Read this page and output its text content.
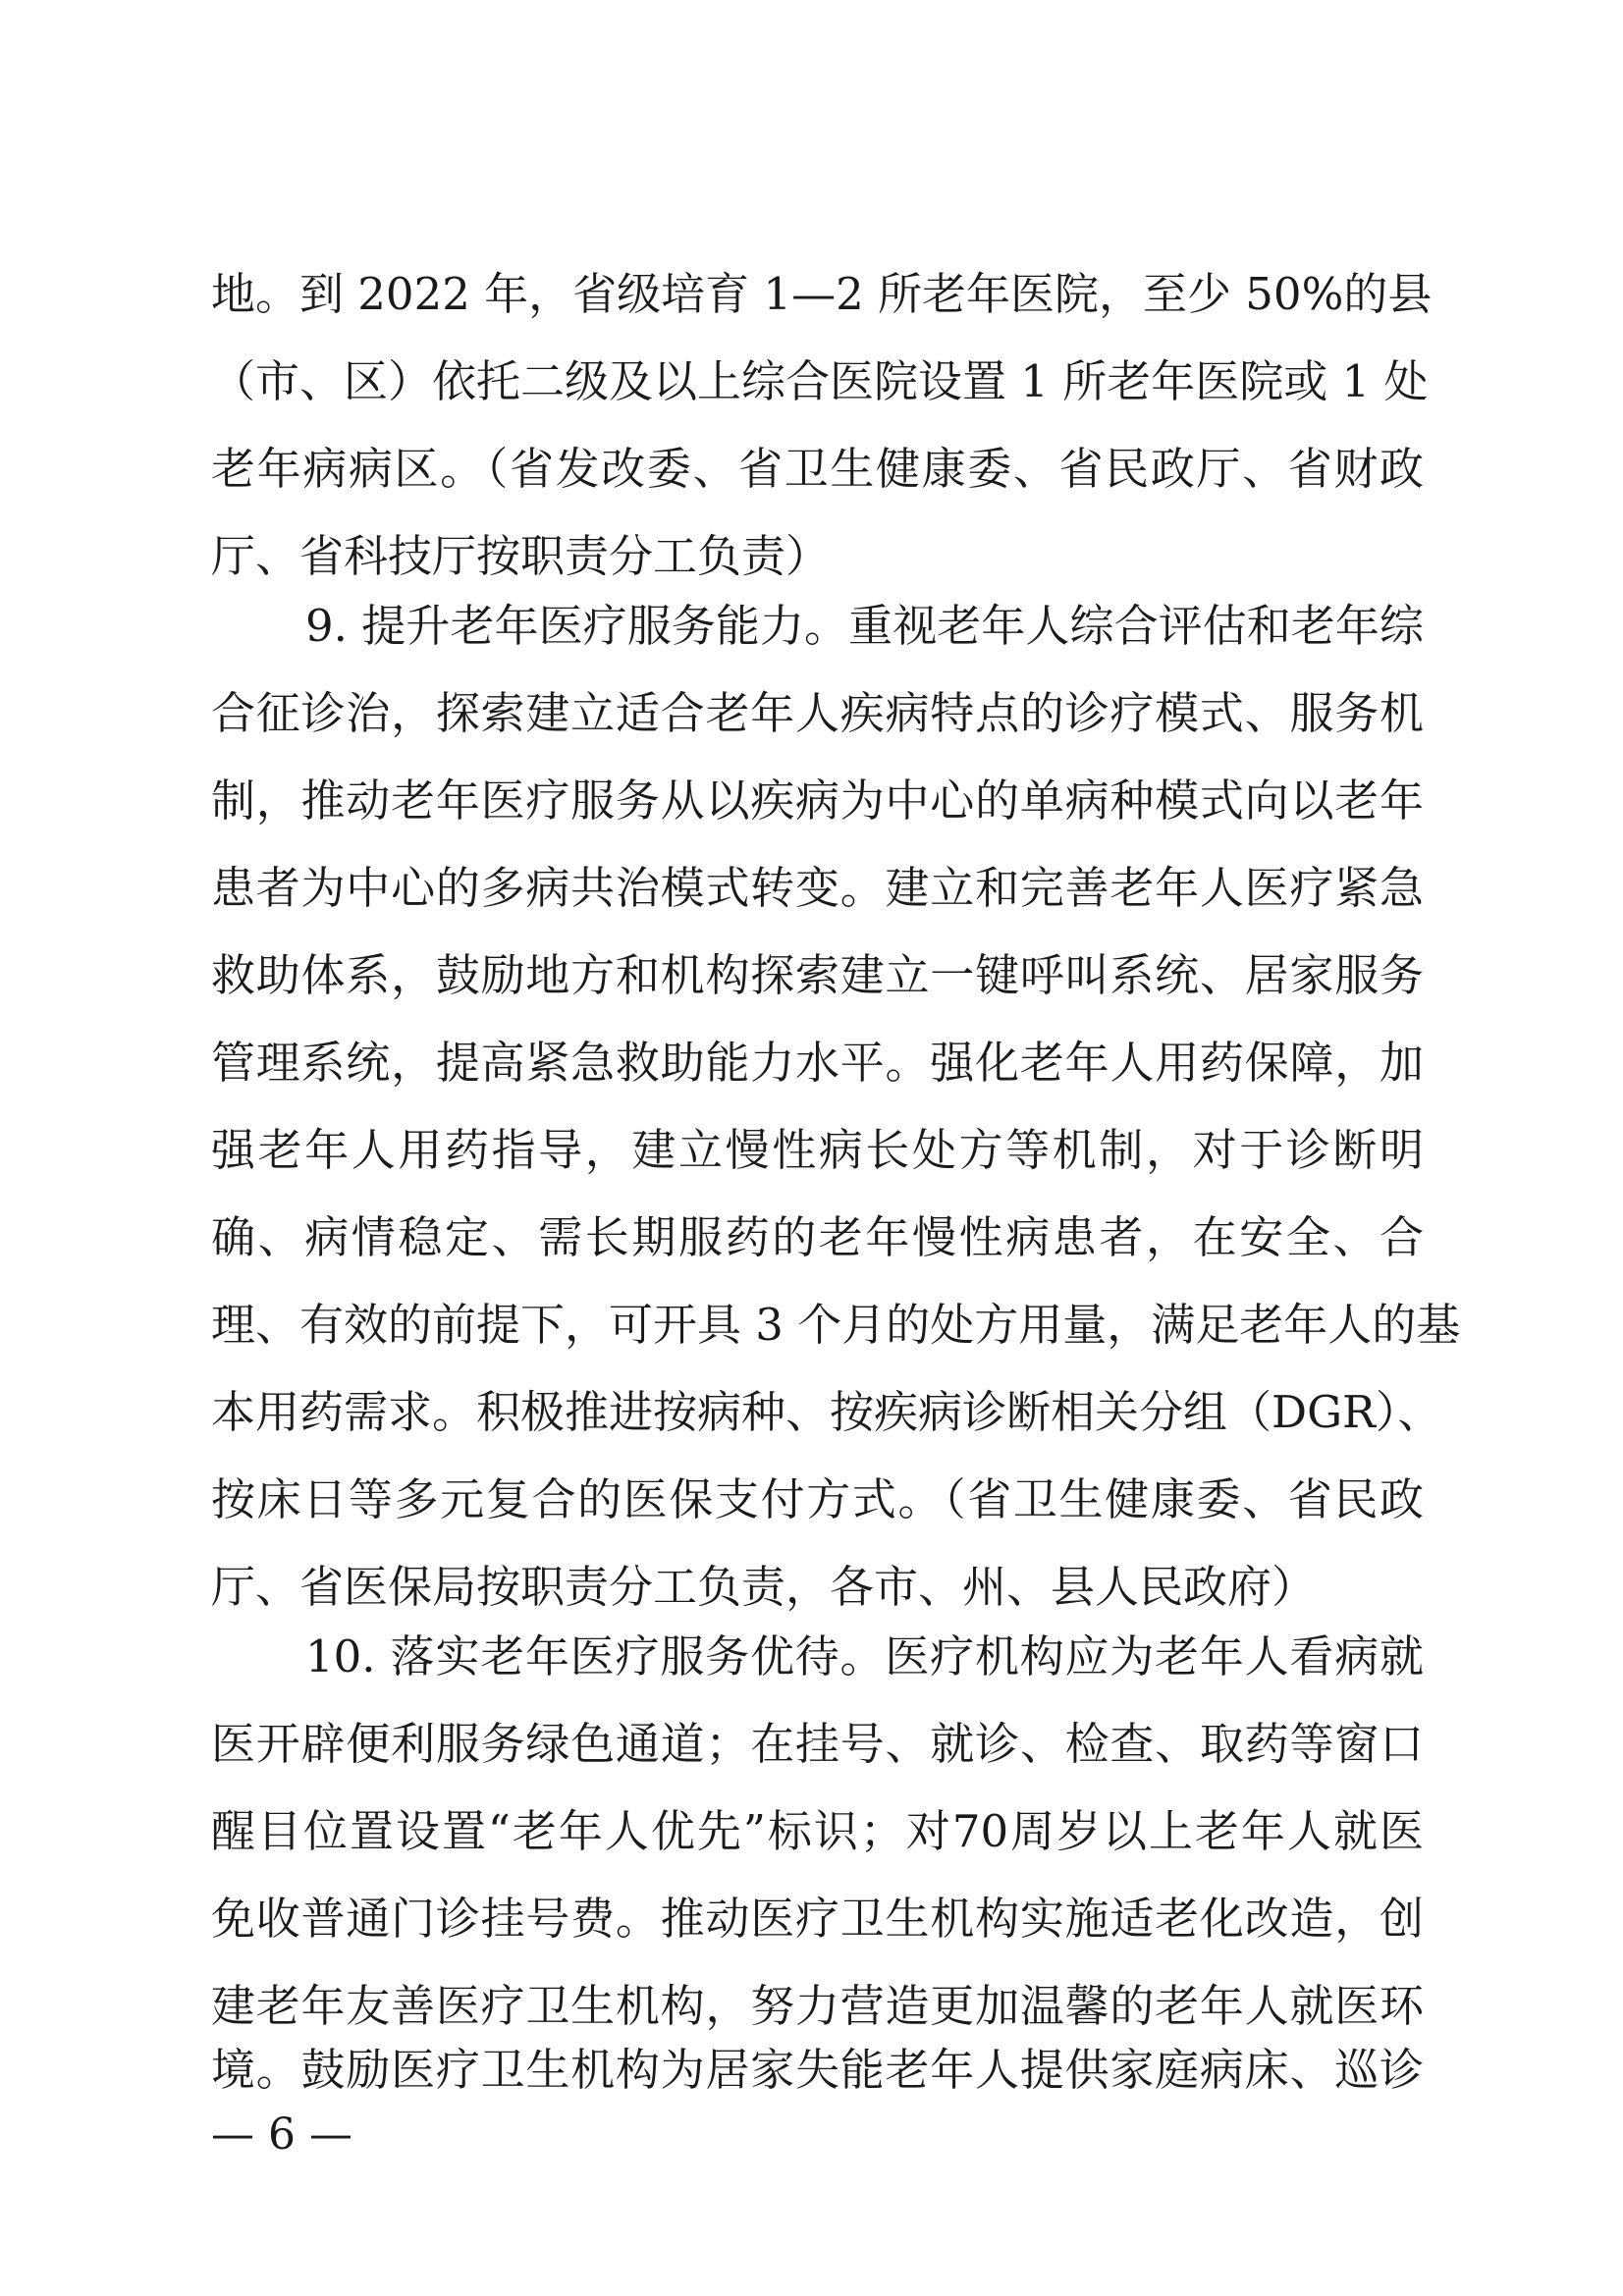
地。到 2022 年，省级培育 1—2 所老年医院，至少 50%的县
（市、区）依托二级及以上综合医院设置 1 所老年医院或 1 处
老年病病区。（省发改委、省卫生健康委、省民政厅、省财政
厅、省科技厅按职责分工负责）
9. 提升老年医疗服务能力。重视老年人综合评估和老年综
合征诊治，探索建立适合老年人疾病特点的诊疗模式、服务机
制，推动老年医疗服务从以疾病为中心的单病种模式向以老年
患者为中心的多病共治模式转变。建立和完善老年人医疗紧急
救助体系，鼓励地方和机构探索建立一键呼叫系统、居家服务
管理系统，提高紧急救助能力水平。强化老年人用药保障，加
强老年人用药指导，建立慢性病长处方等机制，对于诊断明
确、病情稳定、需长期服药的老年慢性病患者，在安全、合
理、有效的前提下，可开具 3 个月的处方用量，满足老年人的基
本用药需求。积极推进按病种、按疾病诊断相关分组（DGR）、
按床日等多元复合的医保支付方式。（省卫生健康委、省民政
厅、省医保局按职责分工负责，各市、州、县人民政府）
10. 落实老年医疗服务优待。医疗机构应为老年人看病就
医开辟便利服务绿色通道；在挂号、就诊、检查、取药等窗口
醒目位置设置“老年人优先”标识；对70周岁以上老年人就医
免收普通门诊挂号费。推动医疗卫生机构实施适老化改造，创
建老年友善医疗卫生机构，努力营造更加温馨的老年人就医环
境。鼓励医疗卫生机构为居家失能老年人提供家庭病床、巡诊
— 6 —
